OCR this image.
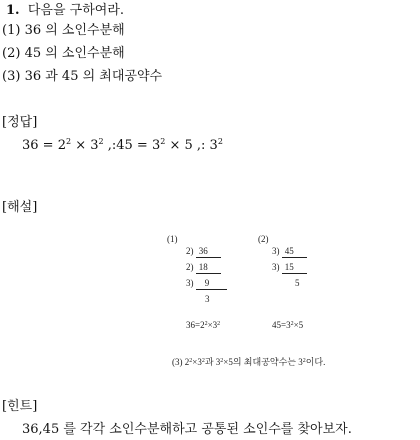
1. 다음을 구하여라.
(1) 36 의 소인수분해
(2) 45 의 소인수분해
(3) 36 과 45 의 최대공약수
[정답]
$36 = 2^2 \times 3^2$ ,:45 = $3^2 \times 5$ ,: $3^2$
[해설]
(1)	(2)
2) 36
2) 18
3) 9
3
3) 45
3) 15
5
$36=2^2\times 3^2$	$45=3^2\times 5$
(3) $2^2\times 3^2$과 $3^2\times 5$의 최대공약수는 $3^2$이다.
[힌트]
36,45 를 각각 소인수분해하고 공통된 소인수를 찾아보자.
